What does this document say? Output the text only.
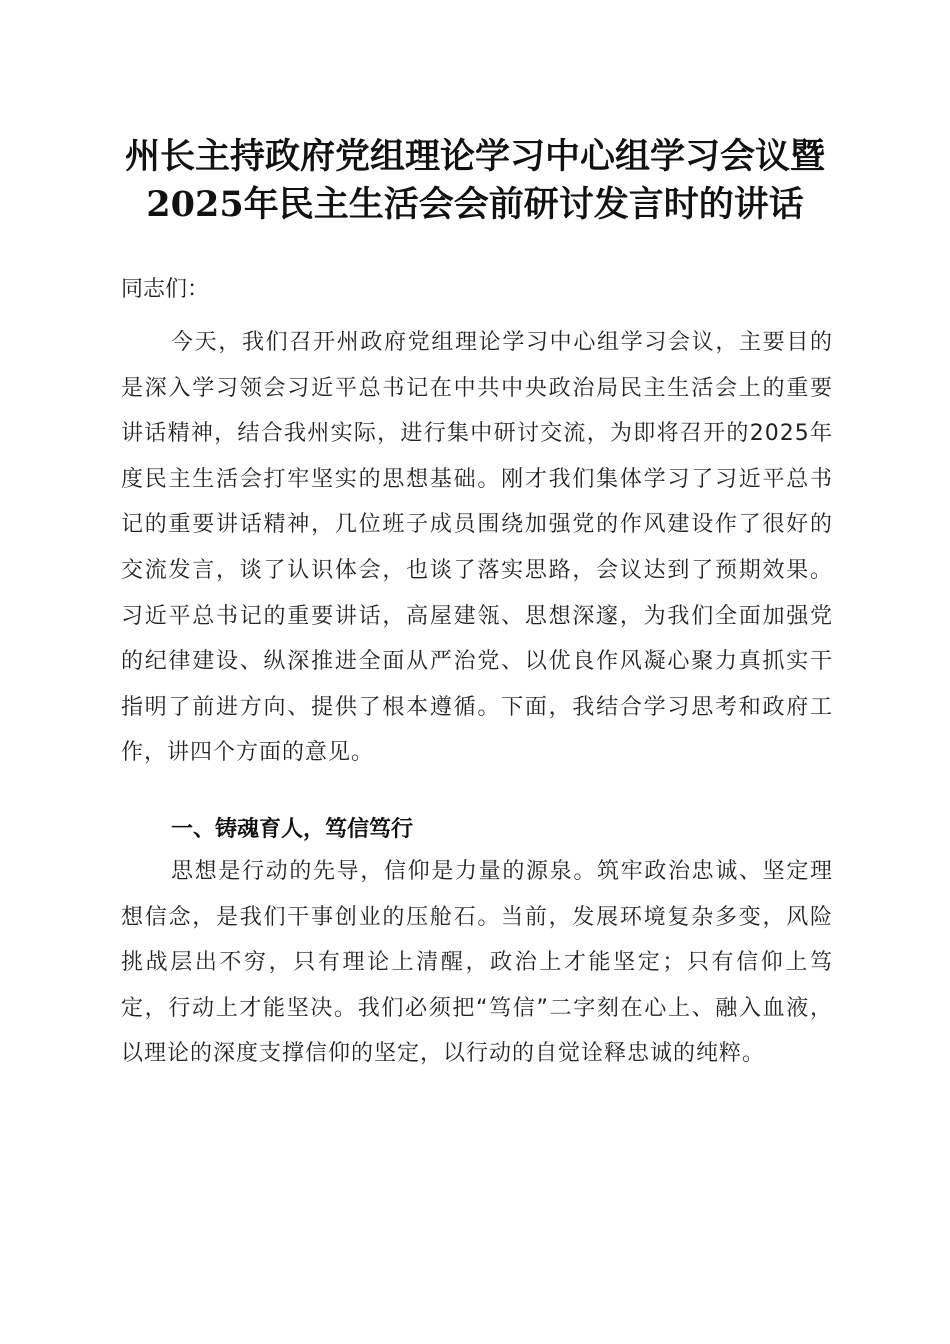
州长主持政府党组理论学习中心组学习会议暨
2025年民主生活会会前研讨发言时的讲话
同志们：

今天，我们召开州政府党组理论学习中心组学习会议，主要目的是深入学习领会习近平总书记在中共中央政治局民主生活会上的重要讲话精神，结合我州实际，进行集中研讨交流，为即将召开的2025年度民主生活会打牢坚实的思想基础。刚才我们集体学习了习近平总书记的重要讲话精神，几位班子成员围绕加强党的作风建设作了很好的交流发言，谈了认识体会，也谈了落实思路，会议达到了预期效果。习近平总书记的重要讲话，高屋建瓴、思想深邃，为我们全面加强党的纪律建设、纵深推进全面从严治党、以优良作风凝心聚力真抓实干指明了前进方向、提供了根本遵循。下面，我结合学习思考和政府工作，讲四个方面的意见。

一、铸魂育人，笃信笃行

思想是行动的先导，信仰是力量的源泉。筑牢政治忠诚、坚定理想信念，是我们干事创业的压舱石。当前，发展环境复杂多变，风险挑战层出不穷，只有理论上清醒，政治上才能坚定；只有信仰上笃定，行动上才能坚决。我们必须把“笃信”二字刻在心上、融入血液，以理论的深度支撑信仰的坚定，以行动的自觉诠释忠诚的纯粹。
